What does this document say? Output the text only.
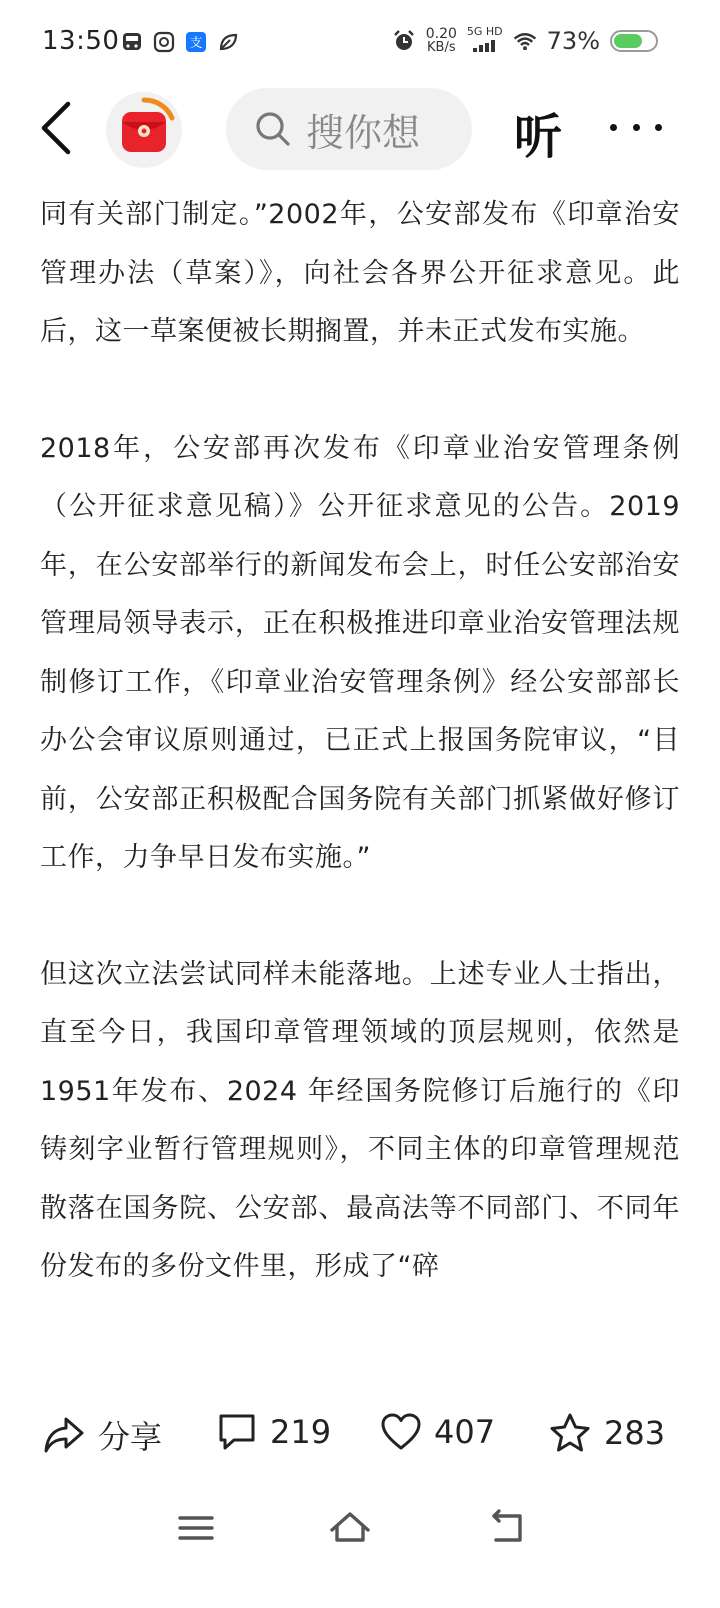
13:50	支
0.20
KB/s
5G HD 73%
搜你想 听

同有关部门制定。”2002年，公安部发布《印章治安管理办法（草案）》，向社会各界公开征求意见。此后，这一草案便被长期搁置，并未正式发布实施。

2018年，公安部再次发布《印章业治安管理条例（公开征求意见稿）》公开征求意见的公告。2019年，在公安部举行的新闻发布会上，时任公安部治安管理局领导表示，正在积极推进印章业治安管理法规制修订工作，《印章业治安管理条例》经公安部部长办公会审议原则通过，已正式上报国务院审议，“目前，公安部正积极配合国务院有关部门抓紧做好修订工作，力争早日发布实施。”

但这次立法尝试同样未能落地。上述专业人士指出，直至今日，我国印章管理领域的顶层规则，依然是1951年发布、2024 年经国务院修订后施行的《印铸刻字业暂行管理规则》，不同主体的印章管理规范散落在国务院、公安部、最高法等不同部门、不同年份发布的多份文件里，形成了“碎

分享	219	407	283
